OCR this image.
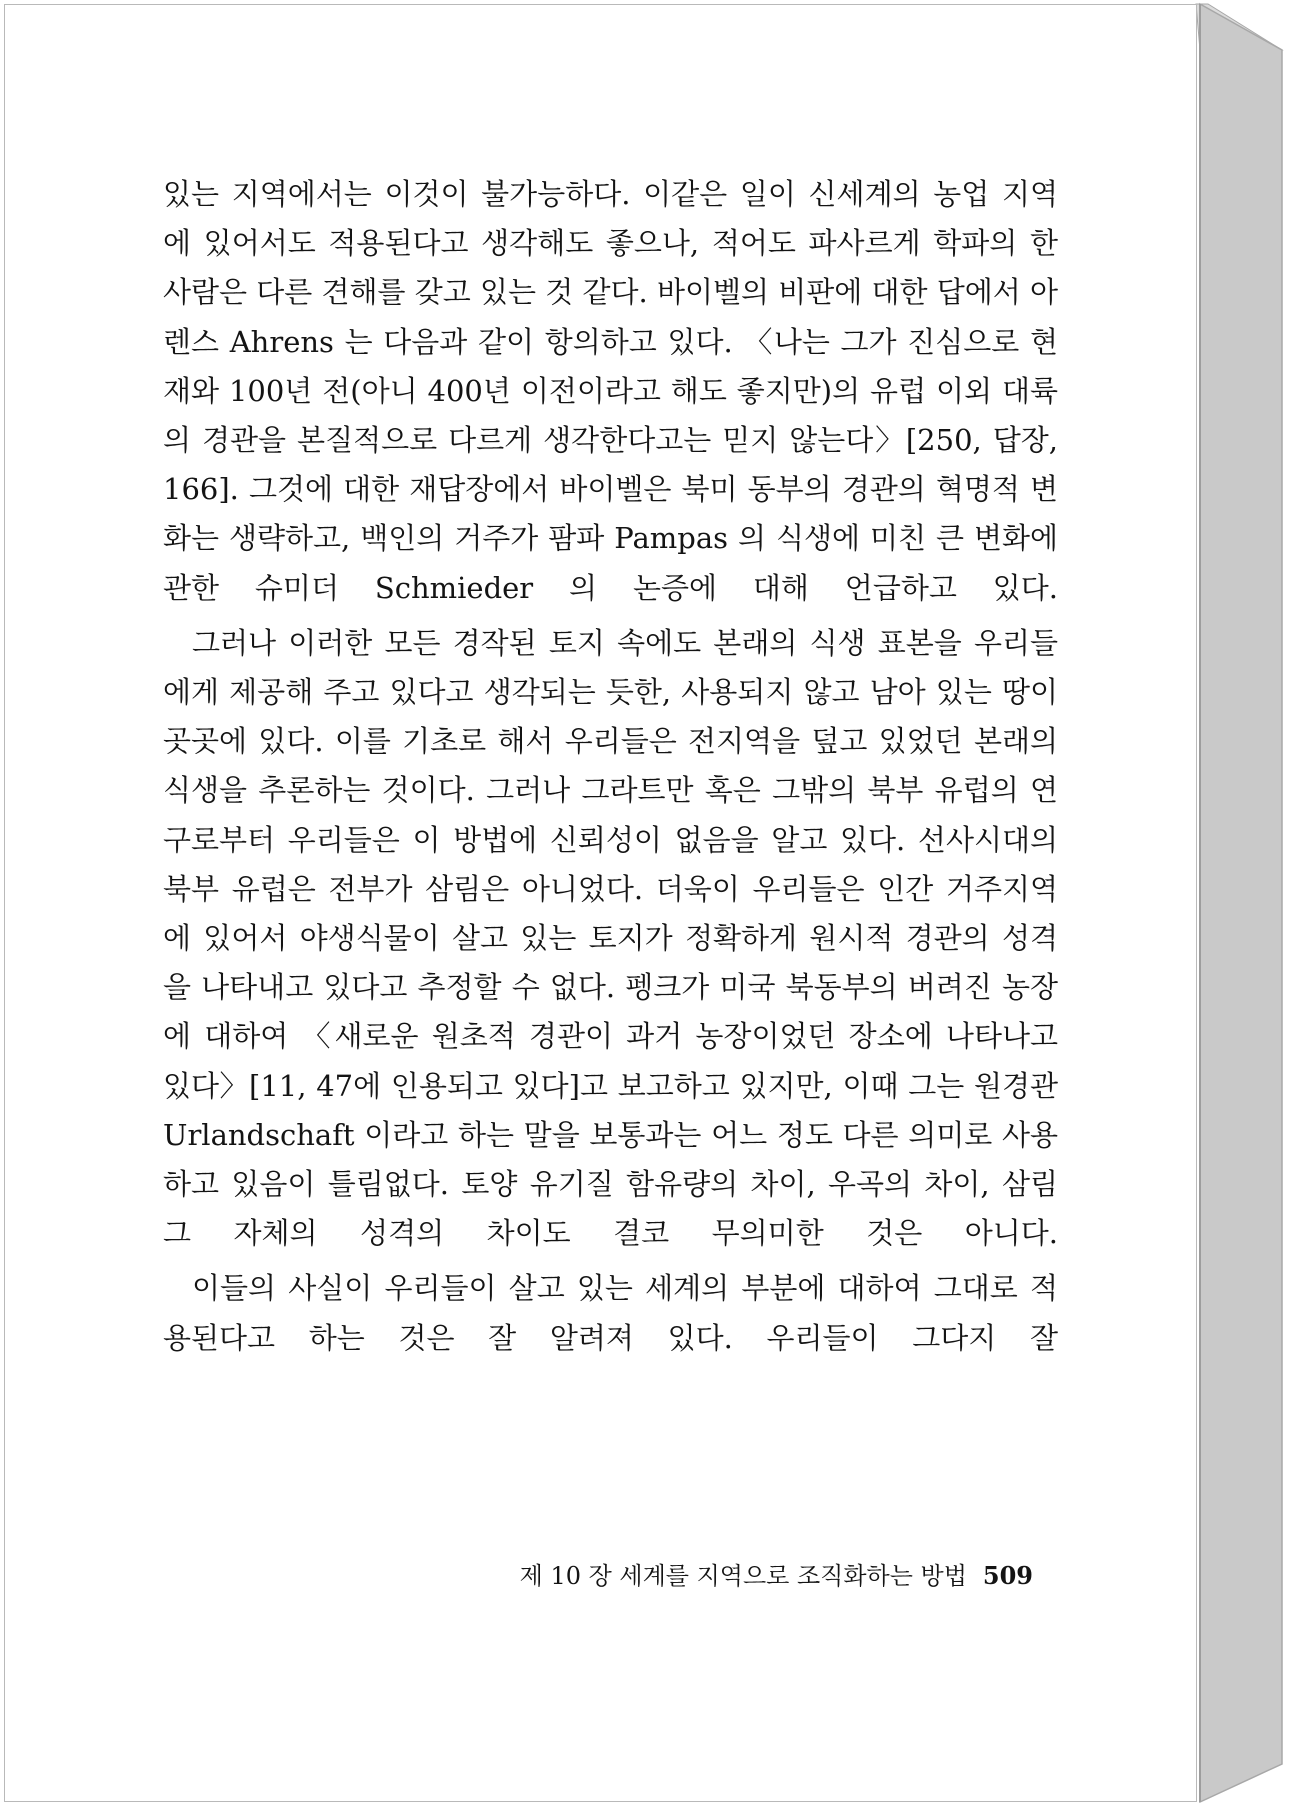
있는 지역에서는 이것이 불가능하다. 이같은 일이 신세계의 농업 지역에 있어서도 적용된다고 생각해도 좋으나, 적어도 파사르게 학파의 한 사람은 다른 견해를 갖고 있는 것 같다. 바이벨의 비판에 대한 답에서 아렌스 Ahrens 는 다음과 같이 항의하고 있다. 〈나는 그가 진심으로 현재와 100년 전(아니 400년 이전이라고 해도 좋지만)의 유럽 이외 대륙의 경관을 본질적으로 다르게 생각한다고는 믿지 않는다〉[250, 답장, 166]. 그것에 대한 재답장에서 바이벨은 북미 동부의 경관의 혁명적 변화는 생략하고, 백인의 거주가 팜파 Pampas 의 식생에 미친 큰 변화에 관한 슈미더 Schmieder 의 논증에 대해 언급하고 있다.

그러나 이러한 모든 경작된 토지 속에도 본래의 식생 표본을 우리들에게 제공해 주고 있다고 생각되는 듯한, 사용되지 않고 남아 있는 땅이 곳곳에 있다. 이를 기초로 해서 우리들은 전지역을 덮고 있었던 본래의 식생을 추론하는 것이다. 그러나 그라트만 혹은 그밖의 북부 유럽의 연구로부터 우리들은 이 방법에 신뢰성이 없음을 알고 있다. 선사시대의 북부 유럽은 전부가 삼림은 아니었다. 더욱이 우리들은 인간 거주지역에 있어서 야생식물이 살고 있는 토지가 정확하게 원시적 경관의 성격을 나타내고 있다고 추정할 수 없다. 펭크가 미국 북동부의 버려진 농장에 대하여 〈새로운 원초적 경관이 과거 농장이었던 장소에 나타나고 있다〉[11, 47에 인용되고 있다]고 보고하고 있지만, 이때 그는 원경관 Urlandschaft 이라고 하는 말을 보통과는 어느 정도 다른 의미로 사용하고 있음이 틀림없다. 토양 유기질 함유량의 차이, 우곡의 차이, 삼림 그 자체의 성격의 차이도 결코 무의미한 것은 아니다.

이들의 사실이 우리들이 살고 있는 세계의 부분에 대하여 그대로 적용된다고 하는 것은 잘 알려져 있다. 우리들이 그다지 잘

제 10 장 세계를 지역으로 조직화하는 방법 509
